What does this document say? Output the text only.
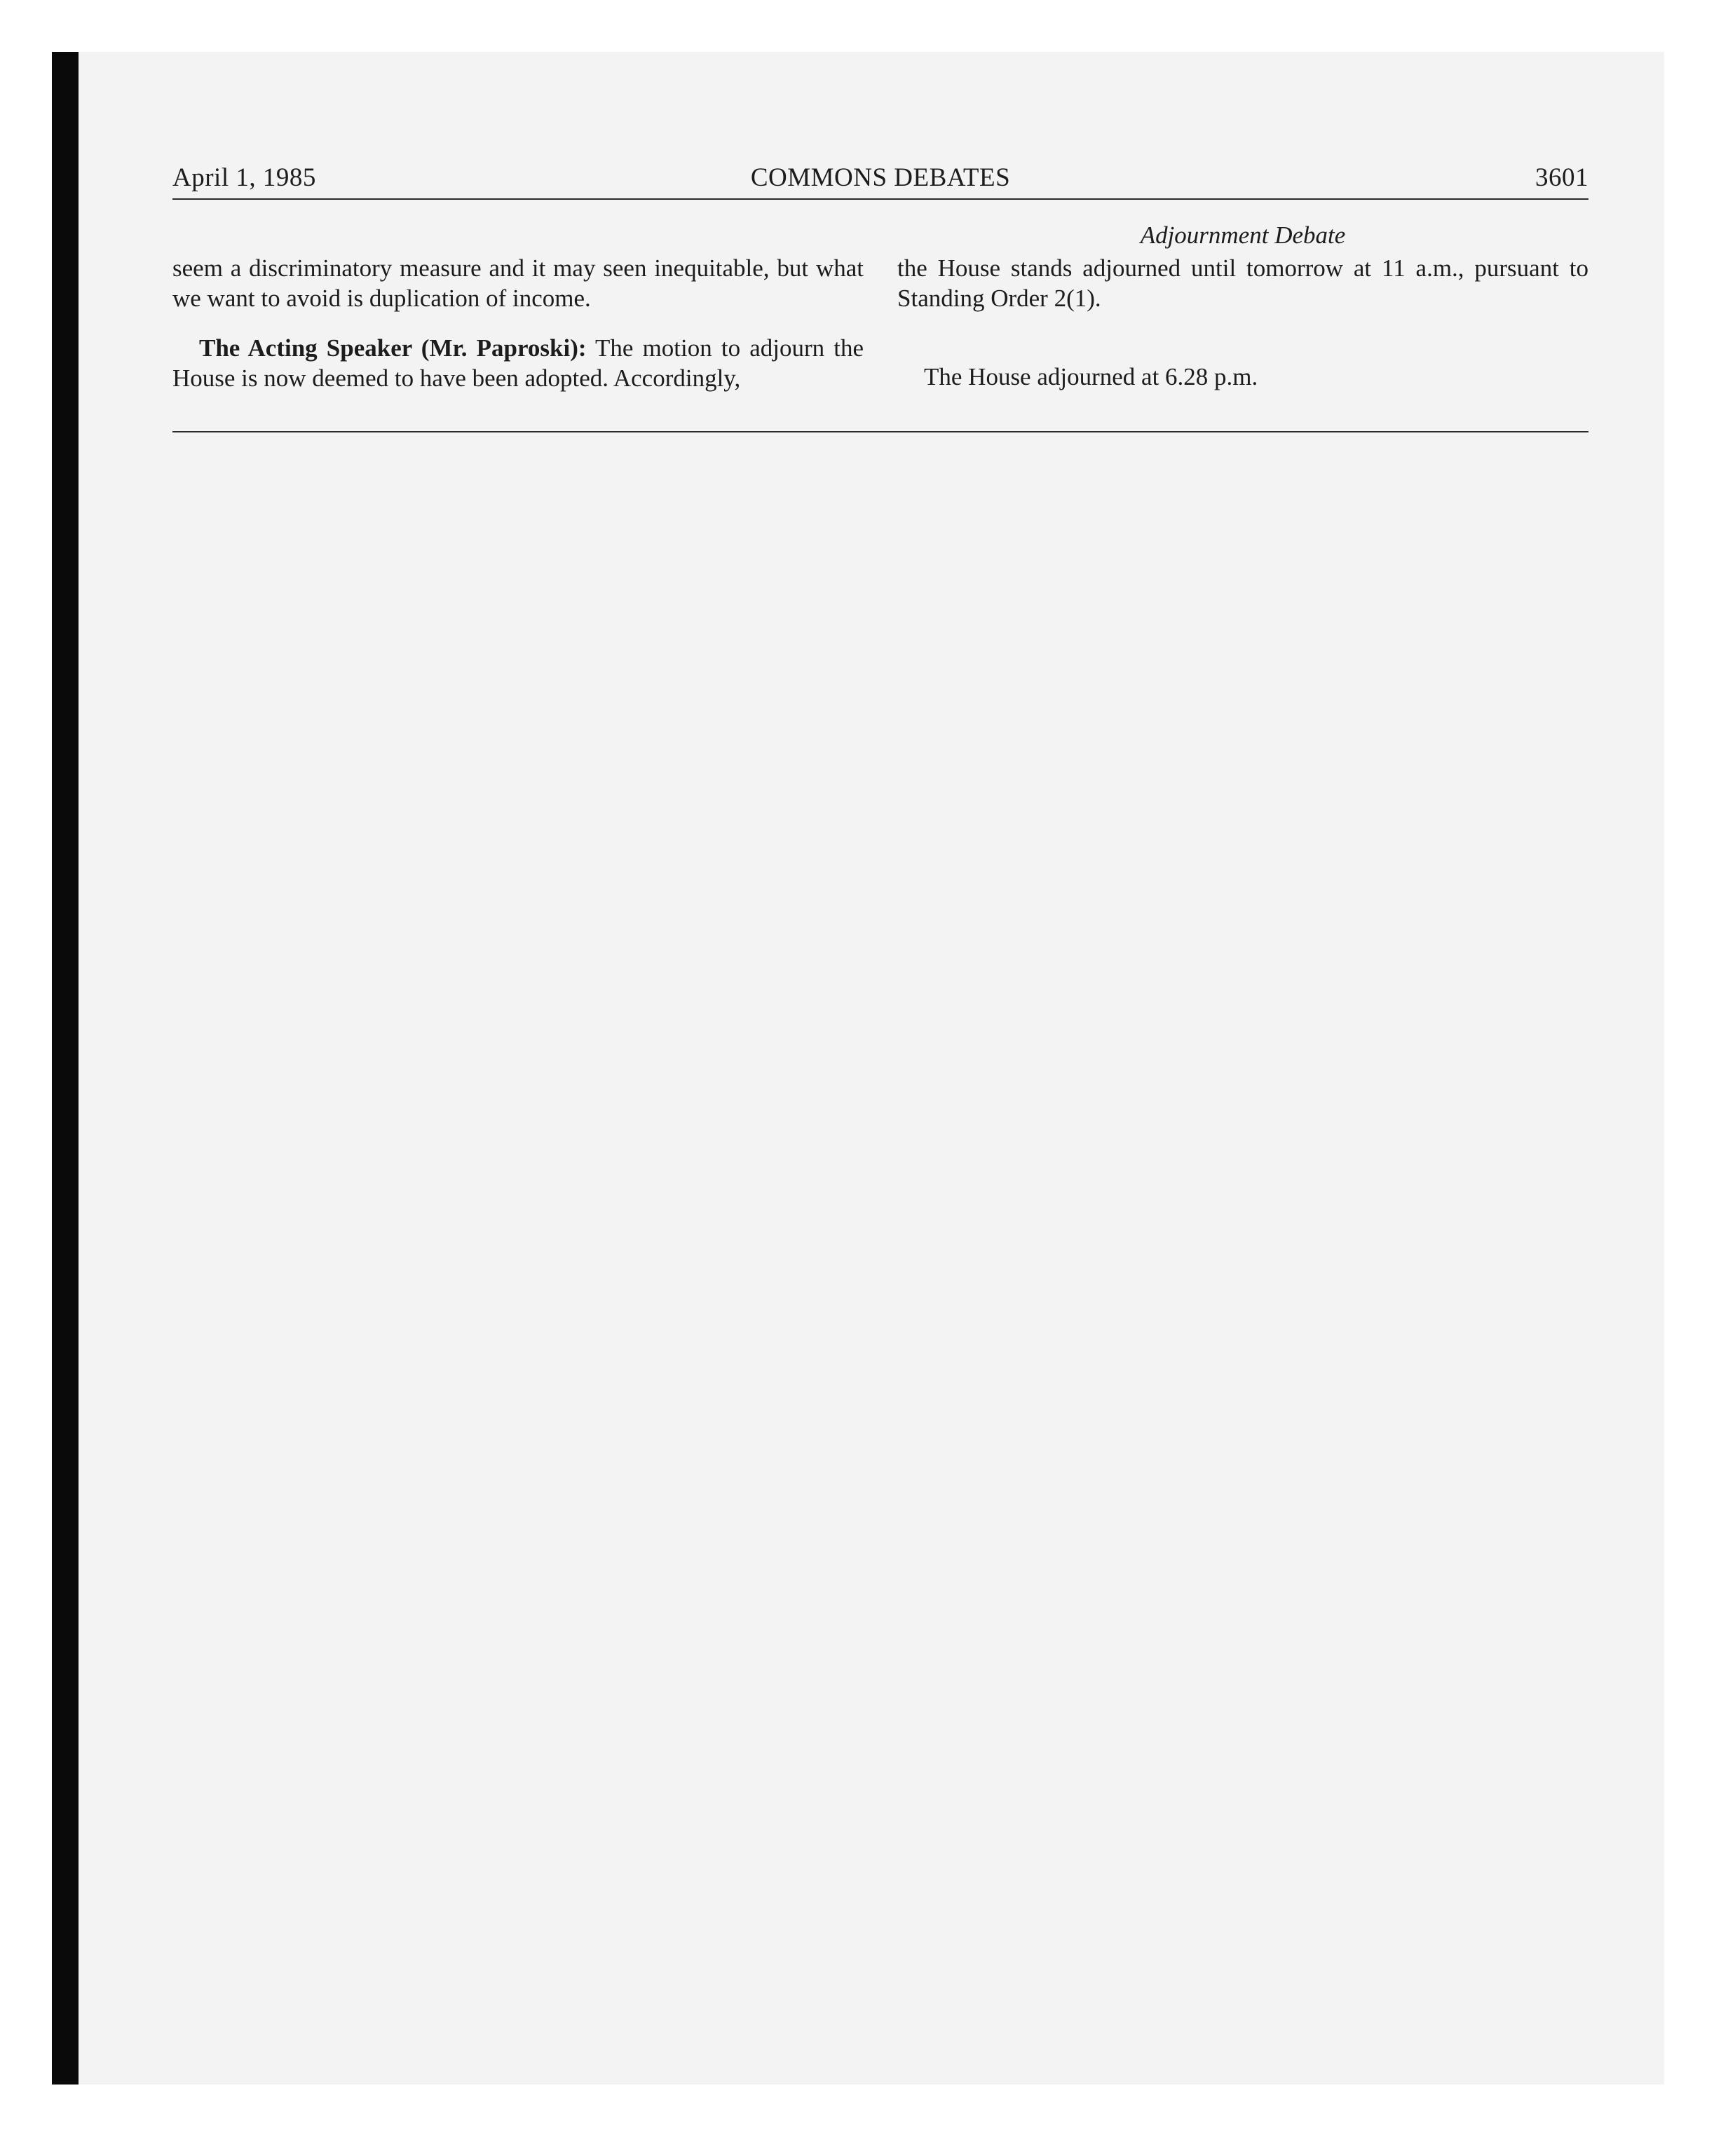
April 1, 1985	COMMONS DEBATES	3601
Adjournment Debate

seem a discriminatory measure and it may seen inequitable, but what we want to avoid is duplication of income.

The Acting Speaker (Mr. Paproski): The motion to adjourn the House is now deemed to have been adopted. Accordingly,

the House stands adjourned until tomorrow at 11 a.m., pursuant to Standing Order 2(1).

The House adjourned at 6.28 p.m.
